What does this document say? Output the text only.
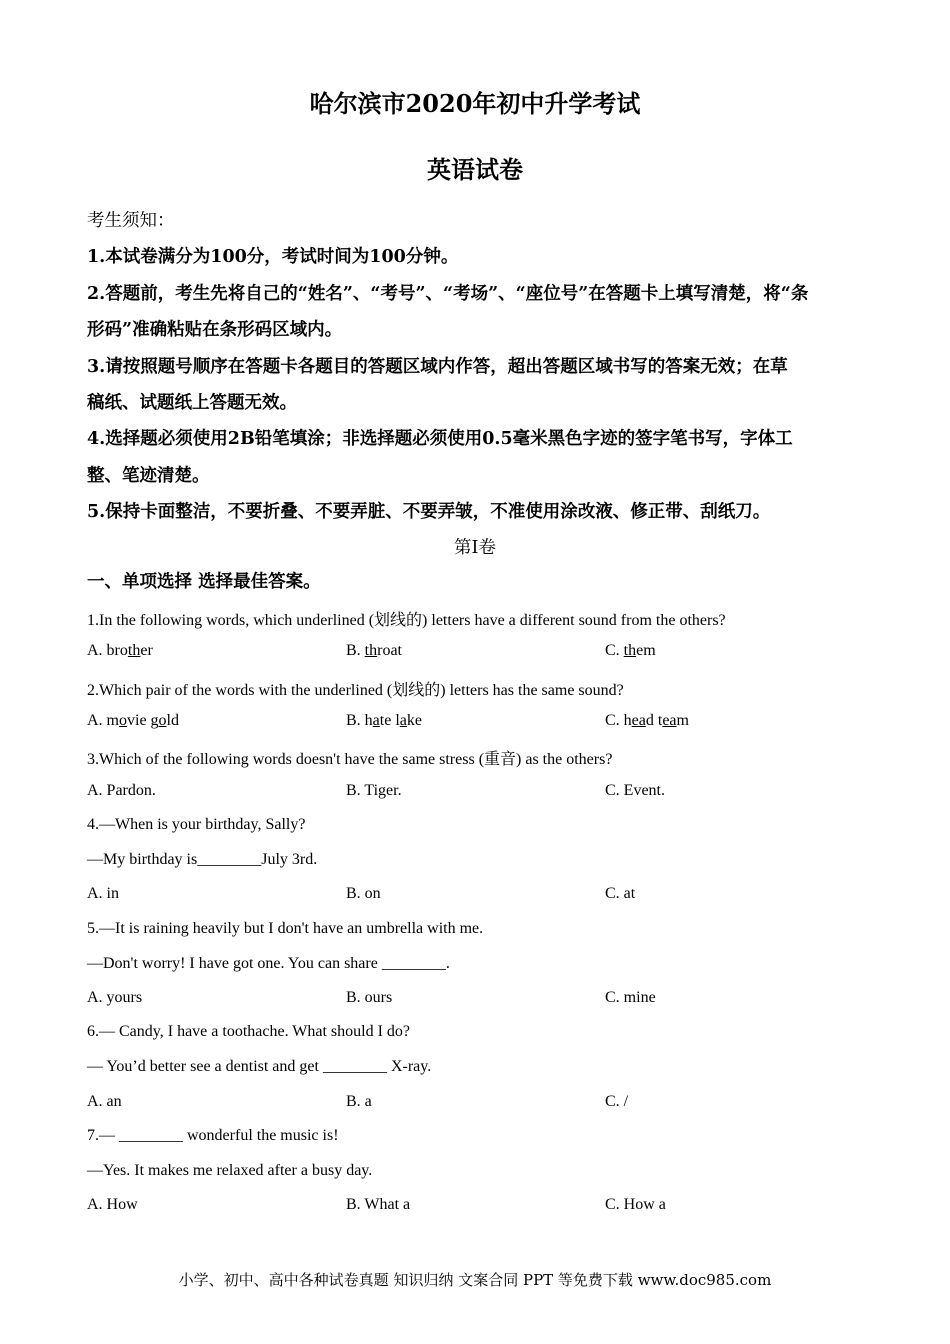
哈尔滨市2020年初中升学考试
英语试卷
考生须知：
1.本试卷满分为100分，考试时间为100分钟。
2.答题前，考生先将自己的“姓名”、“考号”、“考场”、“座位号”在答题卡上填写清楚，将“条
形码”准确粘贴在条形码区域内。
3.请按照题号顺序在答题卡各题目的答题区域内作答，超出答题区域书写的答案无效；在草
稿纸、试题纸上答题无效。
4.选择题必须使用2B铅笔填涂；非选择题必须使用0.5毫米黑色字迹的签字笔书写，字体工
整、笔迹清楚。
5.保持卡面整洁，不要折叠、不要弄脏、不要弄皱，不准使用涂改液、修正带、刮纸刀。
第Ⅰ卷
一、单项选择 选择最佳答案。
1.In the following words, which underlined (划线的) letters have a different sound from the others?
A. brother	B. throat	C. them
2.Which pair of the words with the underlined (划线的) letters has the same sound?
A. movie gold	B. hate lake	C. head team
3.Which of the following words doesn't have the same stress (重音) as the others?
A. Pardon.	B. Tiger.	C. Event.
4.—When is your birthday, Sally?
—My birthday is________July 3rd.
A. in	B. on	C. at
5.—It is raining heavily but I don't have an umbrella with me.
—Don't worry! I have got one. You can share ________.
A. yours	B. ours	C. mine
6.— Candy, I have a toothache. What should I do?
— You’d better see a dentist and get ________ X-ray.
A. an	B. a	C. /
7.— ________ wonderful the music is!
—Yes. It makes me relaxed after a busy day.
A. How	B. What a	C. How a
小学、初中、高中各种试卷真题 知识归纳 文案合同 PPT 等免费下载 www.doc985.com
